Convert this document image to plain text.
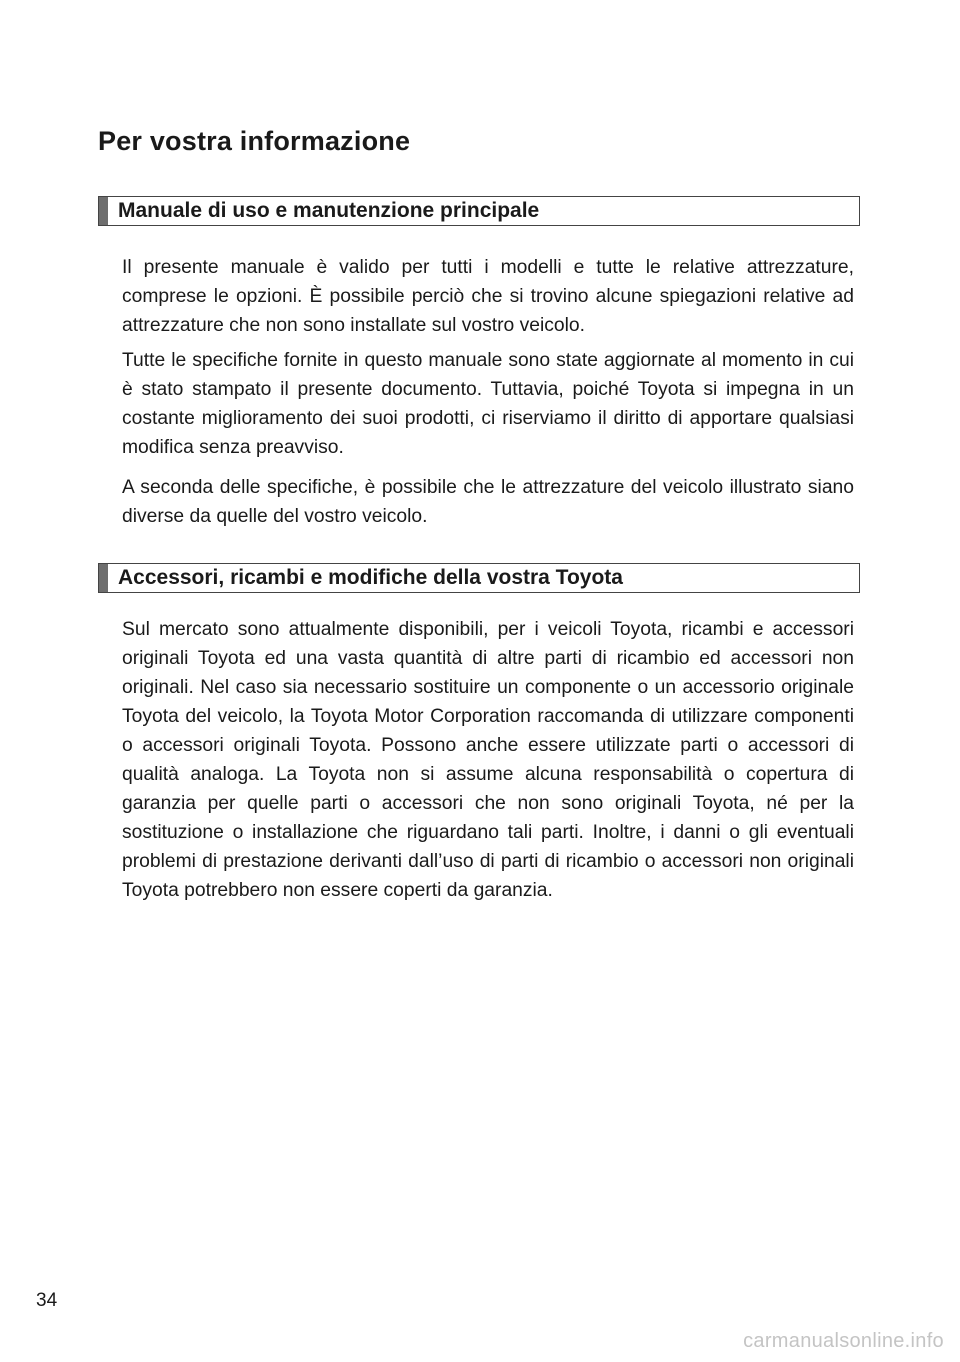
Per vostra informazione
Manuale di uso e manutenzione principale

Il presente manuale è valido per tutti i modelli e tutte le relative attrezzature, comprese le opzioni. È possibile perciò che si trovino alcune spiegazioni relative ad attrezzature che non sono installate sul vostro veicolo.

Tutte le specifiche fornite in questo manuale sono state aggiornate al momento in cui è stato stampato il presente documento. Tuttavia, poiché Toyota si impegna in un costante miglioramento dei suoi prodotti, ci riserviamo il diritto di apportare qualsiasi modifica senza preavviso.

A seconda delle specifiche, è possibile che le attrezzature del veicolo illustrato siano diverse da quelle del vostro veicolo.

Accessori, ricambi e modifiche della vostra Toyota

Sul mercato sono attualmente disponibili, per i veicoli Toyota, ricambi e accessori originali Toyota ed una vasta quantità di altre parti di ricambio ed accessori non originali. Nel caso sia necessario sostituire un componente o un accessorio originale Toyota del veicolo, la Toyota Motor Corporation raccomanda di utilizzare componenti o accessori originali Toyota. Possono anche essere utilizzate parti o accessori di qualità analoga. La Toyota non si assume alcuna responsabilità o copertura di garanzia per quelle parti o accessori che non sono originali Toyota, né per la sostituzione o installazione che riguardano tali parti. Inoltre, i danni o gli eventuali problemi di prestazione derivanti dall’uso di parti di ricambio o accessori non originali Toyota potrebbero non essere coperti da garanzia.

34
carmanualsonline.info
